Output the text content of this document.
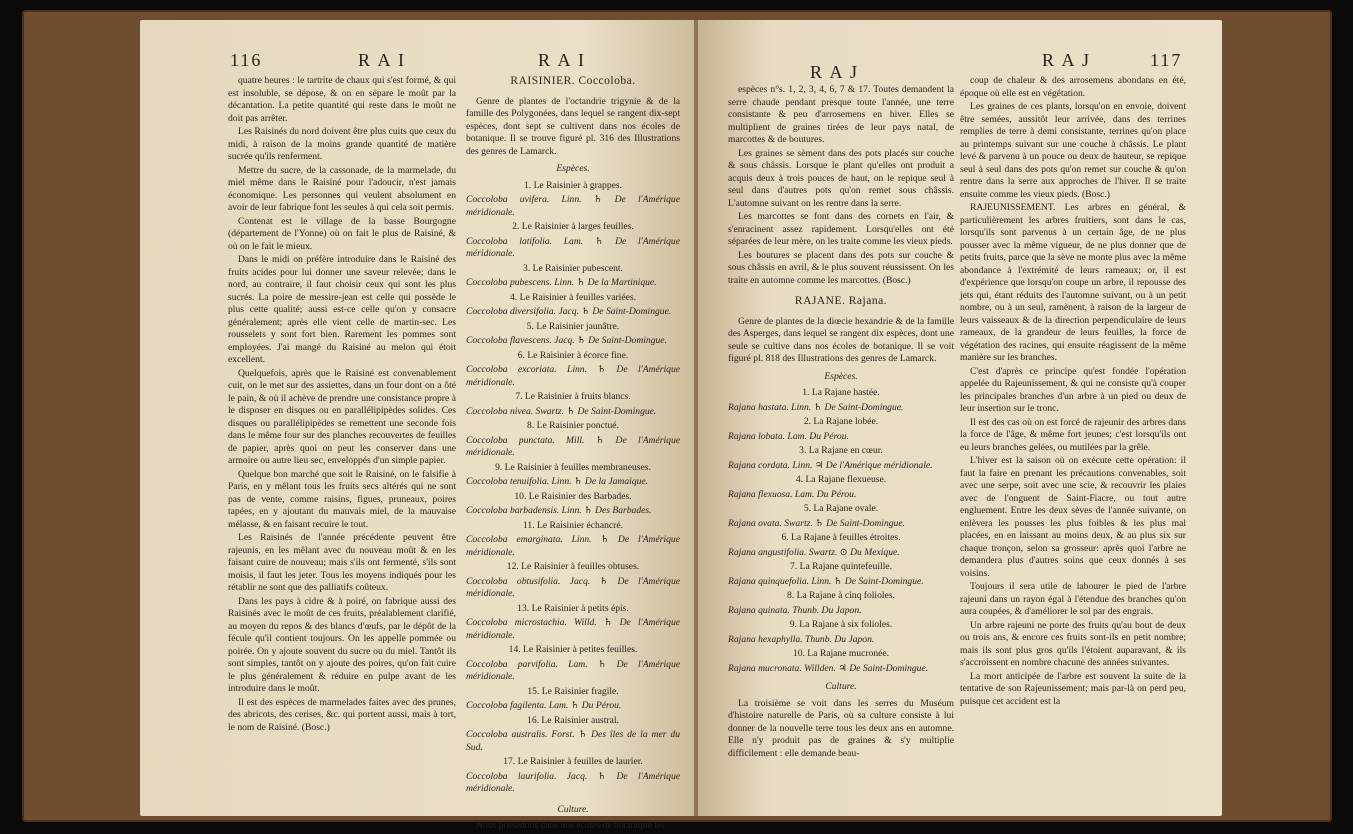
116	R A I	R A I

quatre heures : le tartrite de chaux qui s'est formé, & qui est insoluble, se dépose, & on en sépare le moût par la décantation. La petite quantité qui reste dans le moût ne doit pas arrêter.

Les Raisinés du nord doivent être plus cuits que ceux du midi, à raison de la moins grande quantité de matière sucrée qu'ils renferment.

Mettre du sucre, de la cassonade, de la marmelade, du miel même dans le Raisiné pour l'adoucir, n'est jamais économique. Les personnes qui veulent absolument en avoir de leur fabrique font les seules à qui cela soit permis.

Contenat est le village de la basse Bourgogne (département de l'Yonne) où on fait le plus de Raisiné, & où on le fait le mieux.

Dans le midi on préfère introduire dans le Raisiné des fruits acides pour lui donner une saveur relevée; dans le nord, au contraire, il faut choisir ceux qui sont les plus sucrés. La poire de messire-jean est celle qui possède le plus cette qualité; aussi est-ce celle qu'on y consacre généralement; après elle vient celle de martin-sec. Les rousselets y sont fort bien. Rarement les pommes sont employées. J'ai mangé du Raisiné au melon qui étoit excellent.

Quelquefois, après que le Raisiné est convenablement cuit, on le met sur des assiettes, dans un four dont on a ôté le pain, & où il achève de prendre une consistance propre à le disposer en disques ou en parallélipipèdes solides. Ces disques ou parallélipipèdes se remettent une seconde fois dans le même four sur des planches recouvertes de feuilles de papier, après quoi on peut les conserver dans une armoire ou autre lieu sec, enveloppés d'un simple papier.

Quelque bon marché que soit le Raisiné, on le falsifie à Paris, en y mêlant tous les fruits secs altérés qui ne sont pas de vente, comme raisins, figues, pruneaux, poires tapées, en y ajoutant du mauvais miel, de la mauvaise mélasse, & en faisant recuire le tout.

Les Raisinés de l'année précédente peuvent être rajeunis, en les mêlant avec du nouveau moût & en les faisant cuire de nouveau; mais s'ils ont fermenté, s'ils sont moisis, il faut les jeter. Tous les moyens indiqués pour les rétablir ne sont que des palliatifs coûteux.

Dans les pays à cidre & à poiré, on fabrique aussi des Raisinés avec le moût de ces fruits, préalablement clarifié, au moyen du repos & des blancs d'œufs, par le dépôt de la fécule qu'il contient toujours. On les appelle pommée ou poirée. On y ajoute souvent du sucre ou du miel. Tantôt ils sont simples, tantôt on y ajoute des poires, qu'on fait cuire le plus généralement & réduire en pulpe avant de les introduire dans le moût.

Il est des espèces de marmelades faites avec des prunes, des abricots, des cerises, &c. qui portent aussi, mais à tort, le nom de Raisiné. (Bosc.)

RAISINIER. Coccoloba.

Genre de plantes de l'octandrie trigynie & de la famille des Polygonées, dans lequel se rangent dix-sept espèces, dont sept se cultivent dans nos écoles de botanique. Il se trouve figuré pl. 316 des Illustrations des genres de Lamarck.

Espèces.

1. Le Raisinier à grappes.

Coccoloba uvifera. Linn. ♄ De l'Amérique méridionale.

2. Le Raisinier à larges feuilles.

Coccoloba latifolia. Lam. ♄ De l'Amérique méridionale.

3. Le Raisinier pubescent.

Coccoloba pubescens. Linn. ♄ De la Martinique.

4. Le Raisinier à feuilles variées.

Coccoloba diversifolia. Jacq. ♄ De Saint-Domingue.

5. Le Raisinier jaunâtre.

Coccoloba flavescens. Jacq. ♄ De Saint-Domingue.

6. Le Raisinier à écorce fine.

Coccoloba excoriata. Linn. ♄ De l'Amérique méridionale.

7. Le Raisinier à fruits blancs.

Coccoloba nivea. Swartz. ♄ De Saint-Domingue.

8. Le Raisinier ponctué.

Coccoloba punctata. Mill. ♄ De l'Amérique méridionale.

9. Le Raisinier à feuilles membraneuses.

Coccoloba tenuifolia. Linn. ♄ De la Jamaïque.

10. Le Raisinier des Barbades.

Coccoloba barbadensis. Linn. ♄ Des Barbades.

11. Le Raisinier échancré.

Coccoloba emarginata. Linn. ♄ De l'Amérique méridionale.

12. Le Raisinier à feuilles obtuses.

Coccoloba obtusifolia. Jacq. ♄ De l'Amérique méridionale.

13. Le Raisinier à petits épis.

Coccoloba microstachia. Willd. ♄ De l'Amérique méridionale.

14. Le Raisinier à petites feuilles.

Coccoloba parvifolia. Lam. ♄ De l'Amérique méridionale.

15. Le Raisinier fragile.

Coccoloba fagilenta. Lam. ♄ Du Pérou.

16. Le Raisinier austral.

Coccoloba australis. Forst. ♄ Des îles de la mer du Sud.

17. Le Raisinier à feuilles de laurier.

Coccoloba laurifolia. Jacq. ♄ De l'Amérique méridionale.

Culture.

Nous possédons dans nos écoles de botanique les

R A J
R A J	117

espèces n°s. 1, 2, 3, 4, 6, 7 & 17. Toutes demandent la serre chaude pendant presque toute l'année, une terre consistante & peu d'arrosemens en hiver. Elles se multiplient de graines tirées de leur pays natal, de marcottes & de boutures.

Les graines se sèment dans des pots placés sur couche & sous châssis. Lorsque le plant qu'elles ont produit a acquis deux à trois pouces de haut, on le repique seul à seul dans d'autres pots qu'on remet sous châssis. L'automne suivant on les rentre dans la serre.

Les marcottes se font dans des cornets en l'air, & s'enracinent assez rapidement. Lorsqu'elles ont été séparées de leur mère, on les traite comme les vieux pieds.

Les boutures se placent dans des pots sur couche & sous châssis en avril, & le plus souvent réussissent. On les traite en automne comme les marcottes. (Bosc.)

RAJANE. Rajana.

Genre de plantes de la diœcie hexandrie & de la famille des Asperges, dans lequel se rangent dix espèces, dont une seule se cultive dans nos écoles de botanique. Il se voit figuré pl. 818 des Illustrations des genres de Lamarck.

Espèces.

1. La Rajane hastée.

Rajana hastata. Linn. ♄ De Saint-Domingue.

2. La Rajane lobée.

Rajana lobata. Lam. Du Pérou.

3. La Rajane en cœur.

Rajana cordata. Linn. ♃ De l'Amérique méridionale.

4. La Rajane flexueuse.

Rajana flexuosa. Lam. Du Pérou.

5. La Rajane ovale.

Rajana ovata. Swartz. ♄ De Saint-Domingue.

6. La Rajane à feuilles étroites.

Rajana angustifolia. Swartz. ⊙ Du Mexique.

7. La Rajane quintefeuille.

Rajana quinquefolia. Linn. ♄ De Saint-Domingue.

8. La Rajane à cinq folioles.

Rajana quinata. Thunb. Du Japon.

9. La Rajane à six folioles.

Rajana hexaphylla. Thunb. Du Japon.

10. La Rajane mucronée.

Rajana mucronata. Willden. ♃ De Saint-Domingue.

Culture.

La troisième se voit dans les serres du Muséum d'histoire naturelle de Paris, où sa culture consiste à lui donner de la nouvelle terre tous les deux ans en automne. Elle n'y produit pas de graines & s'y multiplie difficilement : elle demande beau-

coup de chaleur & des arrosemens abondans en été, époque où elle est en végétation.

Les graines de ces plants, lorsqu'on en envoie, doivent être semées, aussitôt leur arrivée, dans des terrines remplies de terre à demi consistante, terrines qu'on place au printemps suivant sur une couche à châssis. Le plant levé & parvenu à un pouce ou deux de hauteur, se repique seul à seul dans des pots qu'on remet sur couche & qu'on rentre dans la serre aux approches de l'hiver. Il se traite ensuite comme les vieux pieds. (Bosc.)

RAJEUNISSEMENT. Les arbres en général, & particulièrement les arbres fruitiers, sont dans le cas, lorsqu'ils sont parvenus à un certain âge, de ne plus pousser avec la même vigueur, de ne plus donner que de petits fruits, parce que la sève ne monte plus avec la même abondance à l'extrémité de leurs rameaux; or, il est d'expérience que lorsqu'on coupe un arbre, il repousse des jets qui, étant réduits des l'automne suivant, ou à un petit nombre, ou à un seul, ramènent, à raison de la largeur de leurs vaisseaux & de la direction perpendiculaire de leurs rameaux, de la grandeur de leurs feuilles, la force de végétation des racines, qui ensuite réagissent de la même manière sur les branches.

C'est d'après ce principe qu'est fondée l'opération appelée du Rajeunissement, & qui ne consiste qu'à couper les principales branches d'un arbre à un pied ou deux de leur insertion sur le tronc.

Il est des cas où on est forcé de rajeunir des arbres dans la force de l'âge, & même fort jeunes; c'est lorsqu'ils ont eu leurs branches gelées, ou mutilées par la grêle.

L'hiver est la saison où on exécute cette opération: il faut la faire en prenant les précautions convenables, soit avec une serpe, soit avec une scie, & recouvrir les plaies avec de l'onguent de Saint-Fiacre, ou tout autre engluement. Entre les deux sèves de l'année suivante, on enlèvera les pousses les plus foibles & les plus mal placées, en en laissant au moins deux, & au plus six sur chaque tronçon, selon sa grosseur: après quoi l'arbre ne demandera plus d'autres soins que ceux donnés à ses voisins.

Toujours il sera utile de labourer le pied de l'arbre rajeuni dans un rayon égal à l'étendue des branches qu'on aura coupées, & d'améliorer le sol par des engrais.

Un arbre rajeuni ne porte des fruits qu'au bout de deux ou trois ans, & encore ces fruits sont-ils en petit nombre; mais ils sont plus gros qu'ils l'étoient auparavant, & ils s'accroissent en nombre chacune des années suivantes.

La mort anticipée de l'arbre est souvent la suite de la tentative de son Rajeunissement; mais par-là on perd peu, puisque cet accident est la
